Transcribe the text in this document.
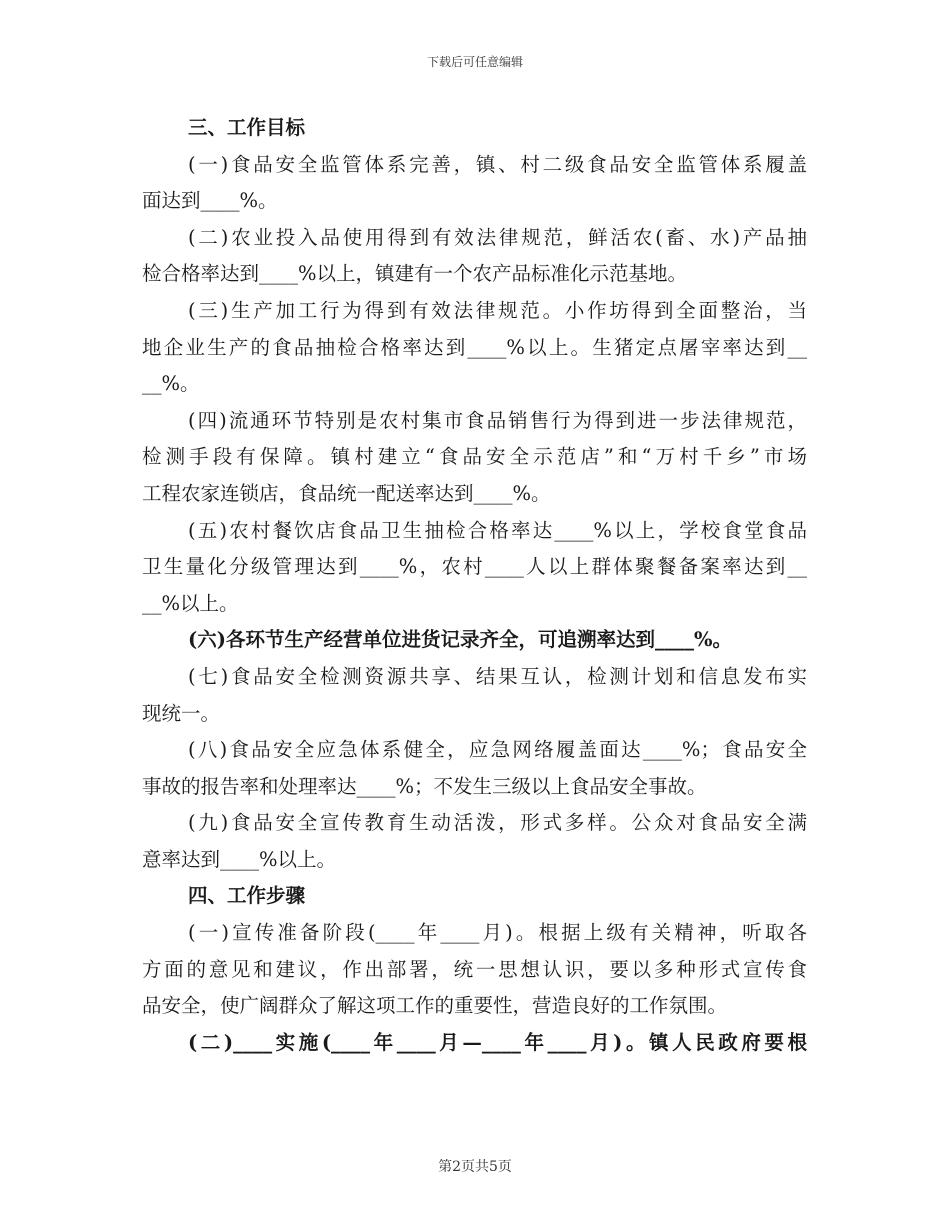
下载后可任意编辑
三、工作目标
(一)食品安全监管体系完善，镇、村二级食品安全监管体系履盖
面达到____%。
(二)农业投入品使用得到有效法律规范，鲜活农(畜、水)产品抽
检合格率达到____%以上，镇建有一个农产品标准化示范基地。
(三)生产加工行为得到有效法律规范。小作坊得到全面整治，当
地企业生产的食品抽检合格率达到____%以上。生猪定点屠宰率达到__
__%。
(四)流通环节特别是农村集市食品销售行为得到进一步法律规范，
检测手段有保障。镇村建立“食品安全示范店”和“万村千乡”市场
工程农家连锁店，食品统一配送率达到____%。
(五)农村餐饮店食品卫生抽检合格率达____%以上，学校食堂食品
卫生量化分级管理达到____%，农村____人以上群体聚餐备案率达到__
__%以上。
(六)各环节生产经营单位进货记录齐全，可追溯率达到____%。
(七)食品安全检测资源共享、结果互认，检测计划和信息发布实
现统一。
(八)食品安全应急体系健全，应急网络履盖面达____%；食品安全
事故的报告率和处理率达____%；不发生三级以上食品安全事故。
(九)食品安全宣传教育生动活泼，形式多样。公众对食品安全满
意率达到____%以上。
四、工作步骤
(一)宣传准备阶段(____年____月)。根据上级有关精神，听取各
方面的意见和建议，作出部署，统一思想认识，要以多种形式宣传食
品安全，使广阔群众了解这项工作的重要性，营造良好的工作氛围。
(二)____实施(____年____月—____年____月)。镇人民政府要根
第2页共5页
